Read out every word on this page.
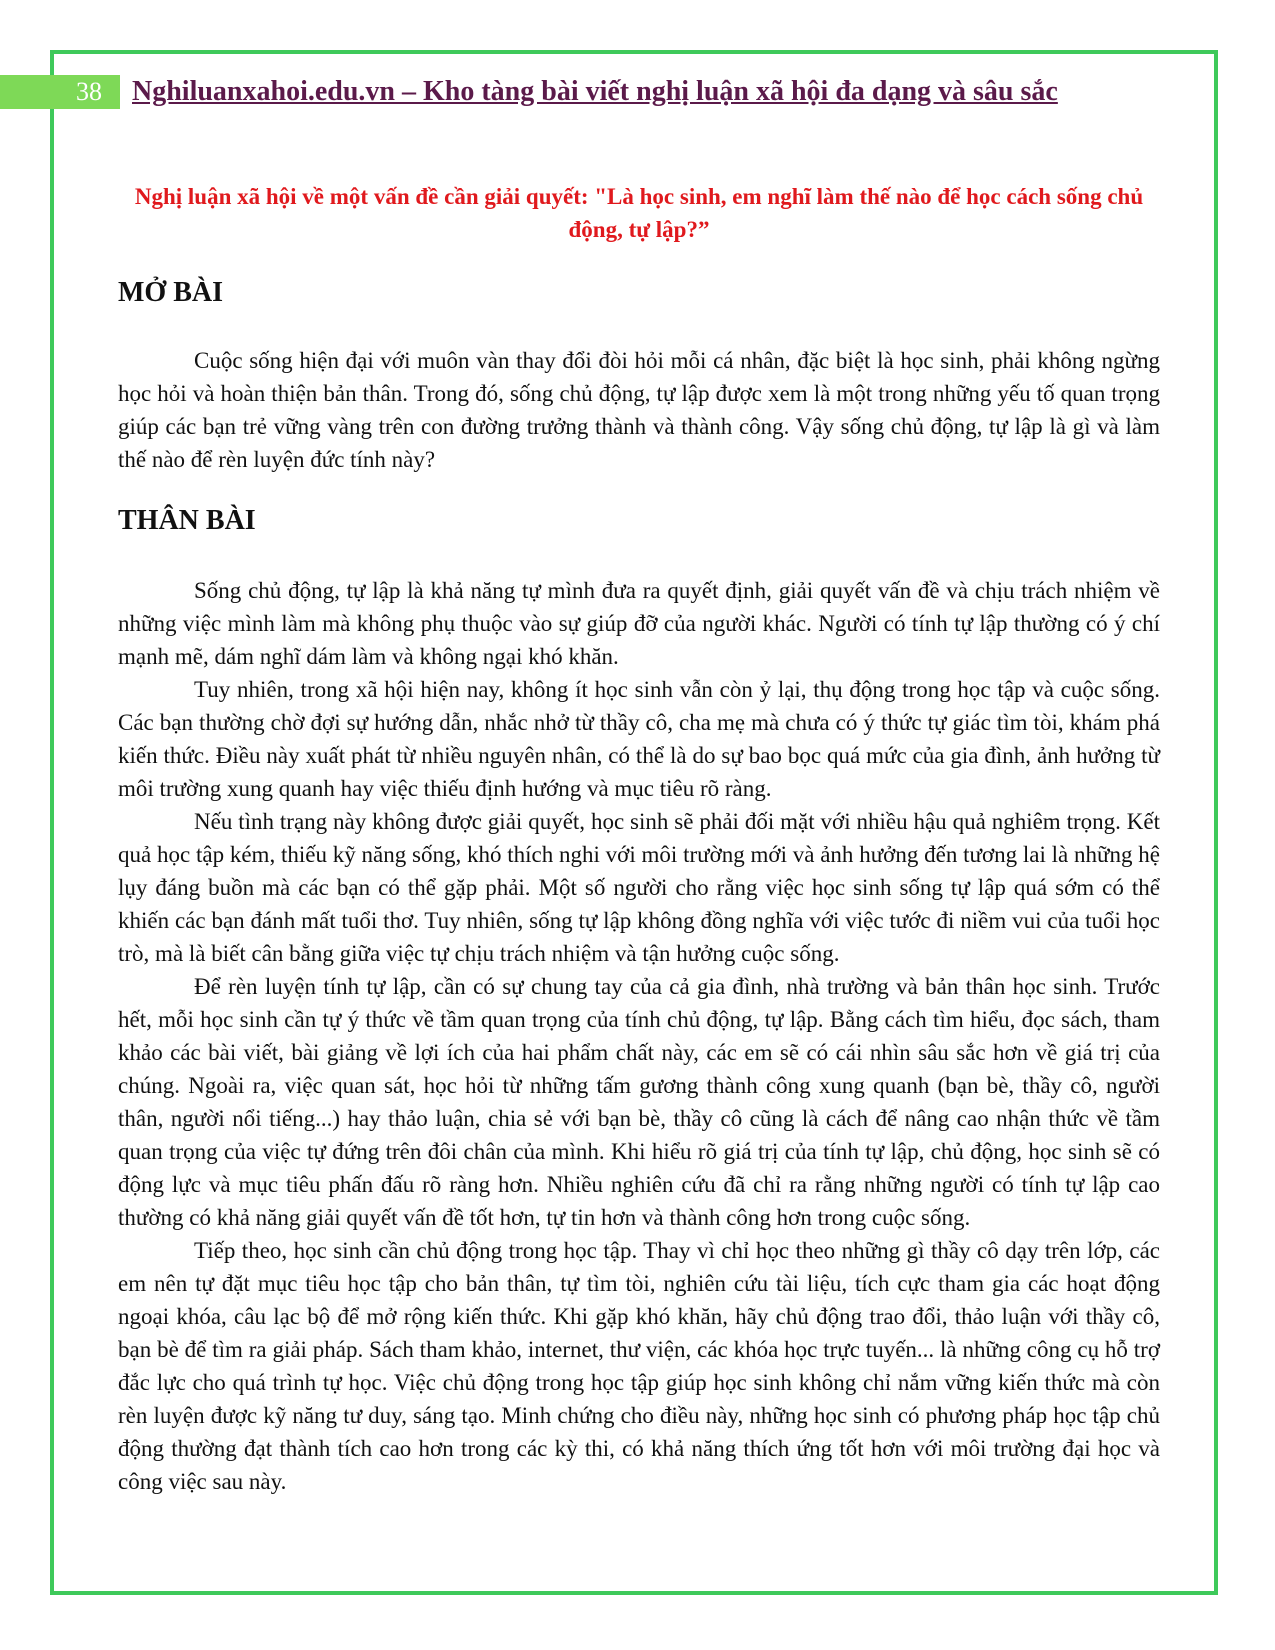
38	Nghiluanxahoi.edu.vn – Kho tàng bài viết nghị luận xã hội đa dạng và sâu sắc
Nghị luận xã hội về một vấn đề cần giải quyết: "Là học sinh, em nghĩ làm thế nào để học cách sống chủ động, tự lập?”
MỞ BÀI

Cuộc sống hiện đại với muôn vàn thay đổi đòi hỏi mỗi cá nhân, đặc biệt là học sinh, phải không ngừng học hỏi và hoàn thiện bản thân. Trong đó, sống chủ động, tự lập được xem là một trong những yếu tố quan trọng giúp các bạn trẻ vững vàng trên con đường trưởng thành và thành công. Vậy sống chủ động, tự lập là gì và làm thế nào để rèn luyện đức tính này?

THÂN BÀI

Sống chủ động, tự lập là khả năng tự mình đưa ra quyết định, giải quyết vấn đề và chịu trách nhiệm về những việc mình làm mà không phụ thuộc vào sự giúp đỡ của người khác. Người có tính tự lập thường có ý chí mạnh mẽ, dám nghĩ dám làm và không ngại khó khăn.

Tuy nhiên, trong xã hội hiện nay, không ít học sinh vẫn còn ỷ lại, thụ động trong học tập và cuộc sống. Các bạn thường chờ đợi sự hướng dẫn, nhắc nhở từ thầy cô, cha mẹ mà chưa có ý thức tự giác tìm tòi, khám phá kiến thức. Điều này xuất phát từ nhiều nguyên nhân, có thể là do sự bao bọc quá mức của gia đình, ảnh hưởng từ môi trường xung quanh hay việc thiếu định hướng và mục tiêu rõ ràng.

Nếu tình trạng này không được giải quyết, học sinh sẽ phải đối mặt với nhiều hậu quả nghiêm trọng. Kết quả học tập kém, thiếu kỹ năng sống, khó thích nghi với môi trường mới và ảnh hưởng đến tương lai là những hệ lụy đáng buồn mà các bạn có thể gặp phải. Một số người cho rằng việc học sinh sống tự lập quá sớm có thể khiến các bạn đánh mất tuổi thơ. Tuy nhiên, sống tự lập không đồng nghĩa với việc tước đi niềm vui của tuổi học trò, mà là biết cân bằng giữa việc tự chịu trách nhiệm và tận hưởng cuộc sống.

Để rèn luyện tính tự lập, cần có sự chung tay của cả gia đình, nhà trường và bản thân học sinh. Trước hết, mỗi học sinh cần tự ý thức về tầm quan trọng của tính chủ động, tự lập. Bằng cách tìm hiểu, đọc sách, tham khảo các bài viết, bài giảng về lợi ích của hai phẩm chất này, các em sẽ có cái nhìn sâu sắc hơn về giá trị của chúng. Ngoài ra, việc quan sát, học hỏi từ những tấm gương thành công xung quanh (bạn bè, thầy cô, người thân, người nổi tiếng...) hay thảo luận, chia sẻ với bạn bè, thầy cô cũng là cách để nâng cao nhận thức về tầm quan trọng của việc tự đứng trên đôi chân của mình. Khi hiểu rõ giá trị của tính tự lập, chủ động, học sinh sẽ có động lực và mục tiêu phấn đấu rõ ràng hơn. Nhiều nghiên cứu đã chỉ ra rằng những người có tính tự lập cao thường có khả năng giải quyết vấn đề tốt hơn, tự tin hơn và thành công hơn trong cuộc sống.

Tiếp theo, học sinh cần chủ động trong học tập. Thay vì chỉ học theo những gì thầy cô dạy trên lớp, các em nên tự đặt mục tiêu học tập cho bản thân, tự tìm tòi, nghiên cứu tài liệu, tích cực tham gia các hoạt động ngoại khóa, câu lạc bộ để mở rộng kiến thức. Khi gặp khó khăn, hãy chủ động trao đổi, thảo luận với thầy cô, bạn bè để tìm ra giải pháp. Sách tham khảo, internet, thư viện, các khóa học trực tuyến... là những công cụ hỗ trợ đắc lực cho quá trình tự học. Việc chủ động trong học tập giúp học sinh không chỉ nắm vững kiến thức mà còn rèn luyện được kỹ năng tư duy, sáng tạo. Minh chứng cho điều này, những học sinh có phương pháp học tập chủ động thường đạt thành tích cao hơn trong các kỳ thi, có khả năng thích ứng tốt hơn với môi trường đại học và công việc sau này.
